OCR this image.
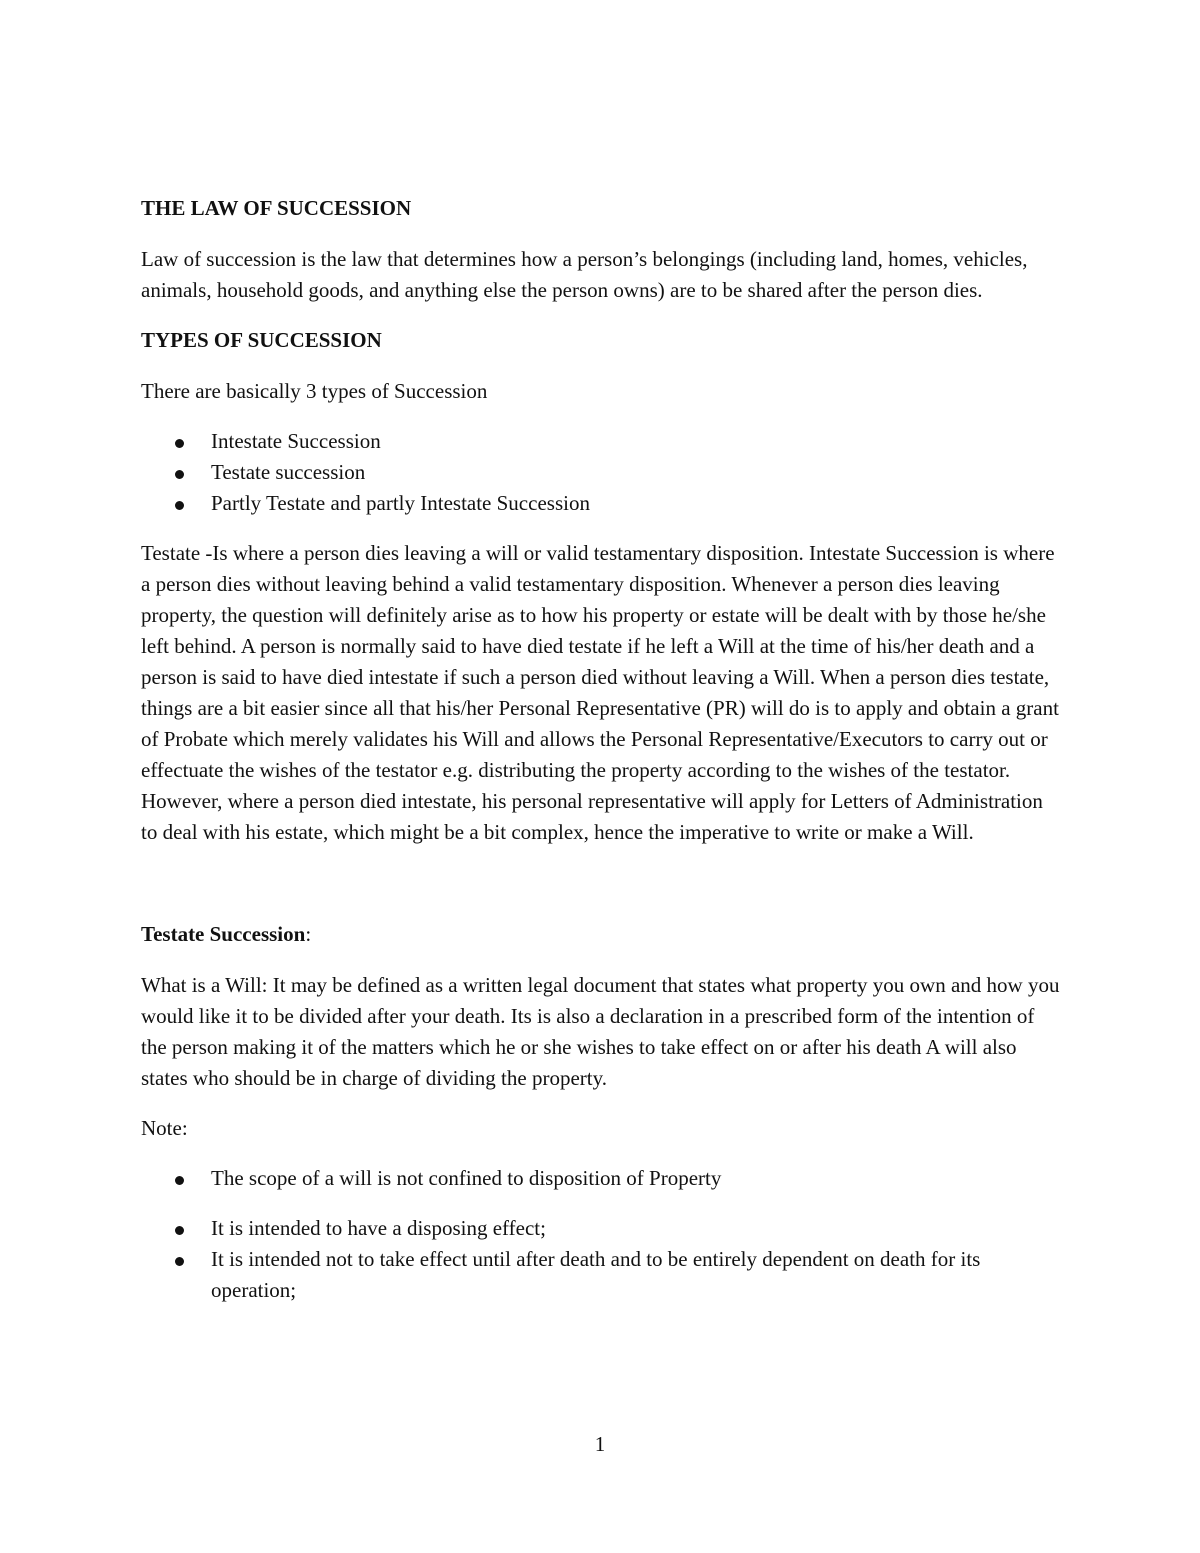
THE LAW OF SUCCESSION
Law of succession is the law that determines how a person’s belongings (including land, homes, vehicles, animals, household goods, and anything else the person owns) are to be shared after the person dies.
TYPES OF SUCCESSION
There are basically 3 types of Succession
Intestate Succession
Testate succession
Partly Testate and partly Intestate Succession
Testate -Is where a person dies leaving a will or valid testamentary disposition. Intestate Succession is where a person dies without leaving behind a valid testamentary disposition. Whenever a person dies leaving property, the question will definitely arise as to how his property or estate will be dealt with by those he/she left behind. A person is normally said to have died testate if he left a Will at the time of his/her death and a person is said to have died intestate if such a person died without leaving a Will. When a person dies testate, things are a bit easier since all that his/her Personal Representative (PR) will do is to apply and obtain a grant of Probate which merely validates his Will and allows the Personal Representative/Executors to carry out or effectuate the wishes of the testator e.g. distributing the property according to the wishes of the testator. However, where a person died intestate, his personal representative will apply for Letters of Administration to deal with his estate, which might be a bit complex, hence the imperative to write or make a Will.
Testate Succession:
What is a Will: It may be defined as a written legal document that states what property you own and how you would like it to be divided after your death. Its is also a declaration in a prescribed form of the intention of the person making it of the matters which he or she wishes to take effect on or after his death A will also states who should be in charge of dividing the property.
Note:
The scope of a will is not confined to disposition of Property
It is intended to have a disposing effect;
It is intended not to take effect until after death and to be entirely dependent on death for its operation;
1
